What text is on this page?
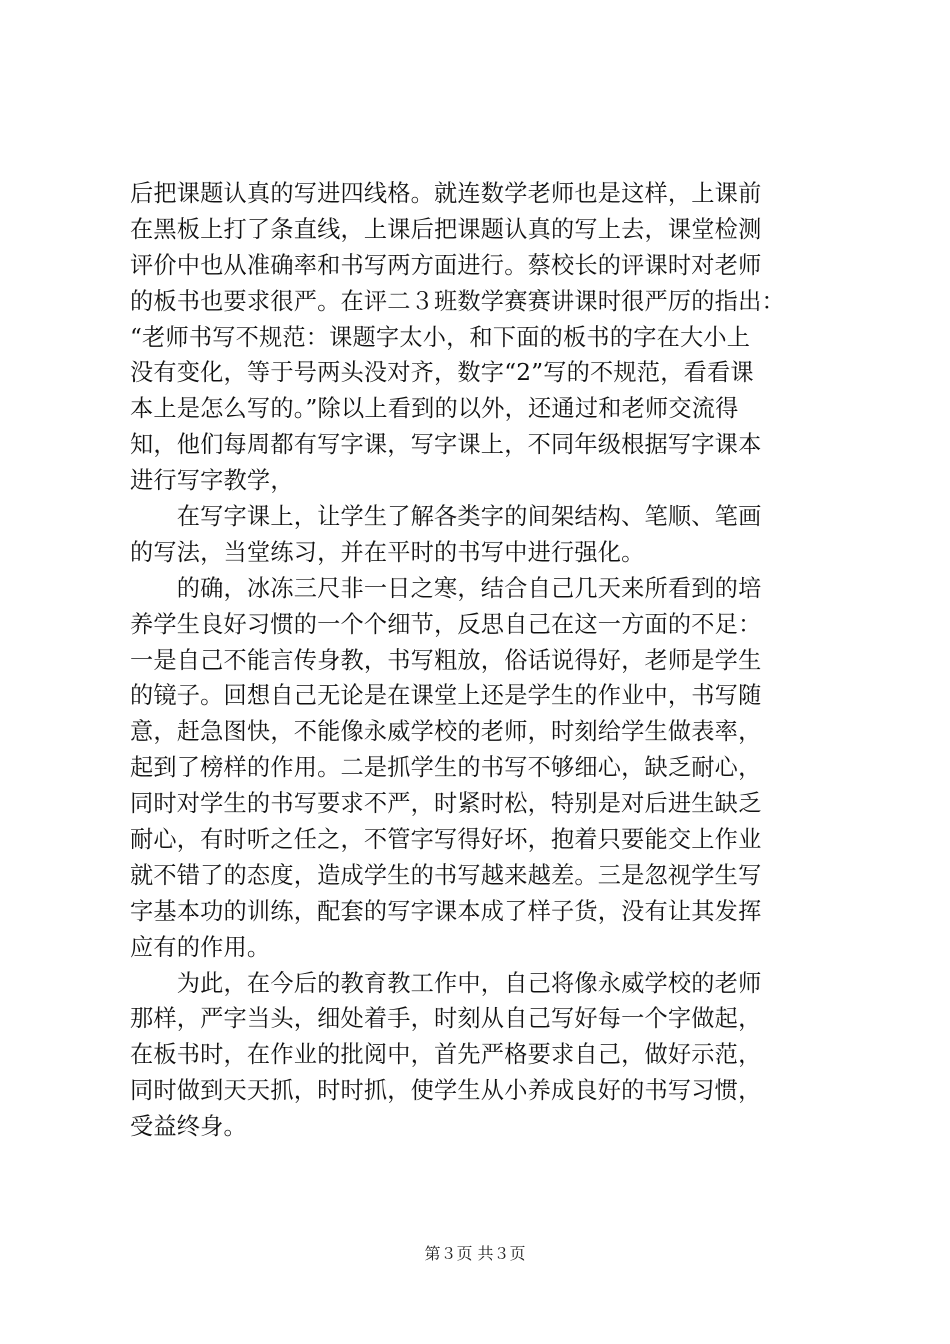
后把课题认真的写进四线格。就连数学老师也是这样，上课前
在黑板上打了条直线，上课后把课题认真的写上去，课堂检测
评价中也从准确率和书写两方面进行。蔡校长的评课时对老师
的板书也要求很严。在评二３班数学赛赛讲课时很严厉的指出：
“老师书写不规范：课题字太小，和下面的板书的字在大小上
没有变化，等于号两头没对齐，数字“2”写的不规范，看看课
本上是怎么写的。”除以上看到的以外，还通过和老师交流得
知，他们每周都有写字课，写字课上，不同年级根据写字课本
进行写字教学，
　　在写字课上，让学生了解各类字的间架结构、笔顺、笔画
的写法，当堂练习，并在平时的书写中进行强化。
　　的确，冰冻三尺非一日之寒，结合自己几天来所看到的培
养学生良好习惯的一个个细节，反思自己在这一方面的不足：
一是自己不能言传身教，书写粗放，俗话说得好，老师是学生
的镜子。回想自己无论是在课堂上还是学生的作业中，书写随
意，赶急图快，不能像永威学校的老师，时刻给学生做表率，
起到了榜样的作用。二是抓学生的书写不够细心，缺乏耐心，
同时对学生的书写要求不严，时紧时松，特别是对后进生缺乏
耐心，有时听之任之，不管字写得好坏，抱着只要能交上作业
就不错了的态度，造成学生的书写越来越差。三是忽视学生写
字基本功的训练，配套的写字课本成了样子货，没有让其发挥
应有的作用。
　　为此，在今后的教育教工作中，自己将像永威学校的老师
那样，严字当头，细处着手，时刻从自己写好每一个字做起，
在板书时，在作业的批阅中，首先严格要求自己，做好示范，
同时做到天天抓，时时抓，使学生从小养成良好的书写习惯，
受益终身。
第３页 共３页
